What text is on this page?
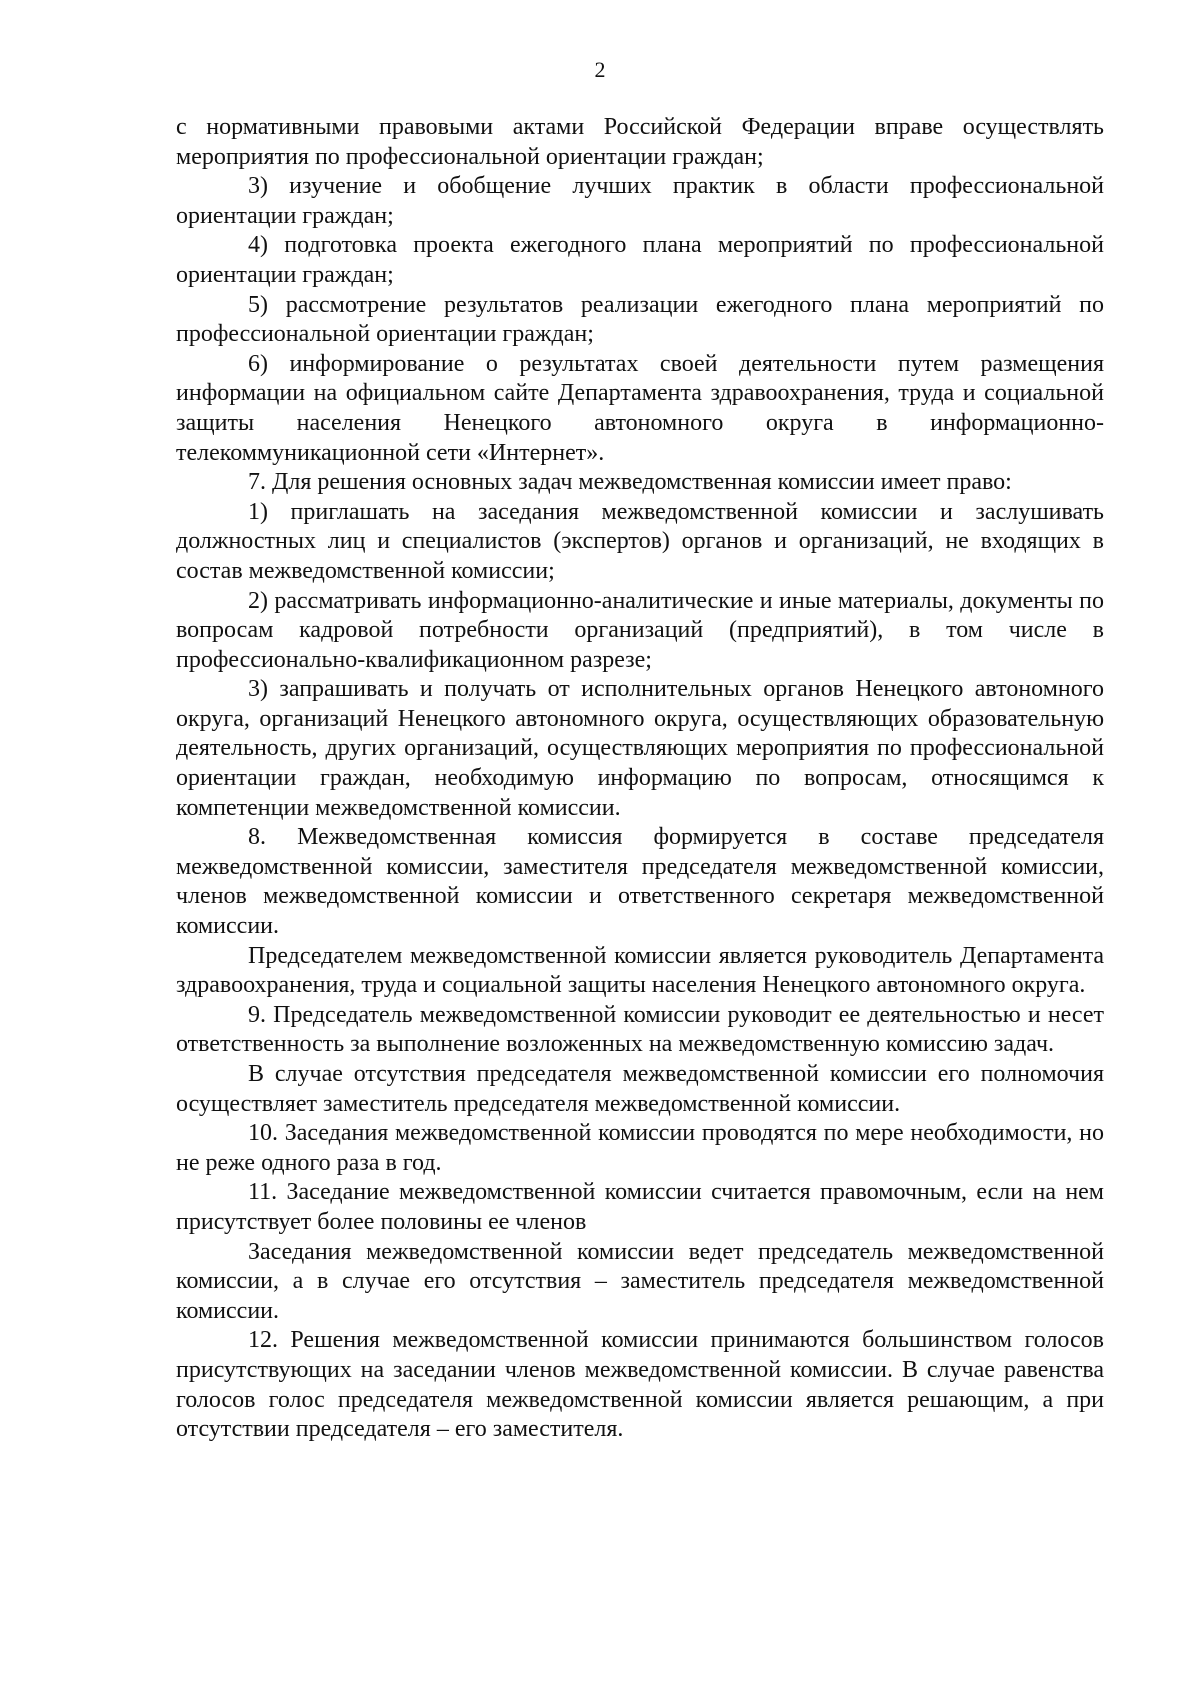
2

с нормативными правовыми актами Российской Федерации вправе осуществлять мероприятия по профессиональной ориентации граждан;

3) изучение и обобщение лучших практик в области профессиональной ориентации граждан;

4) подготовка проекта ежегодного плана мероприятий по профессиональной ориентации граждан;

5) рассмотрение результатов реализации ежегодного плана мероприятий по профессиональной ориентации граждан;

6) информирование о результатах своей деятельности путем размещения информации на официальном сайте Департамента здравоохранения, труда и социальной защиты населения Ненецкого автономного округа в информационно-телекоммуникационной сети «Интернет».

7. Для решения основных задач межведомственная комиссии имеет право:

1) приглашать на заседания межведомственной комиссии и заслушивать должностных лиц и специалистов (экспертов) органов и организаций, не входящих в состав межведомственной комиссии;

2) рассматривать информационно-аналитические и иные материалы, документы по вопросам кадровой потребности организаций (предприятий), в том числе в профессионально-квалификационном разрезе;

3) запрашивать и получать от исполнительных органов Ненецкого автономного округа, организаций Ненецкого автономного округа, осуществляющих образовательную деятельность, других организаций, осуществляющих мероприятия по профессиональной ориентации граждан, необходимую информацию по вопросам, относящимся к компетенции межведомственной комиссии.

8. Межведомственная комиссия формируется в составе председателя межведомственной комиссии, заместителя председателя межведомственной комиссии, членов межведомственной комиссии и ответственного секретаря межведомственной комиссии.

Председателем межведомственной комиссии является руководитель Департамента здравоохранения, труда и социальной защиты населения Ненецкого автономного округа.

9. Председатель межведомственной комиссии руководит ее деятельностью и несет ответственность за выполнение возложенных на межведомственную комиссию задач.

В случае отсутствия председателя межведомственной комиссии его полномочия осуществляет заместитель председателя межведомственной комиссии.

10. Заседания межведомственной комиссии проводятся по мере необходимости, но не реже одного раза в год.

11. Заседание межведомственной комиссии считается правомочным, если на нем присутствует более половины ее членов

Заседания межведомственной комиссии ведет председатель межведомственной комиссии, а в случае его отсутствия – заместитель председателя межведомственной комиссии.

12. Решения межведомственной комиссии принимаются большинством голосов присутствующих на заседании членов межведомственной комиссии. В случае равенства голосов голос председателя межведомственной комиссии является решающим, а при отсутствии председателя – его заместителя.
